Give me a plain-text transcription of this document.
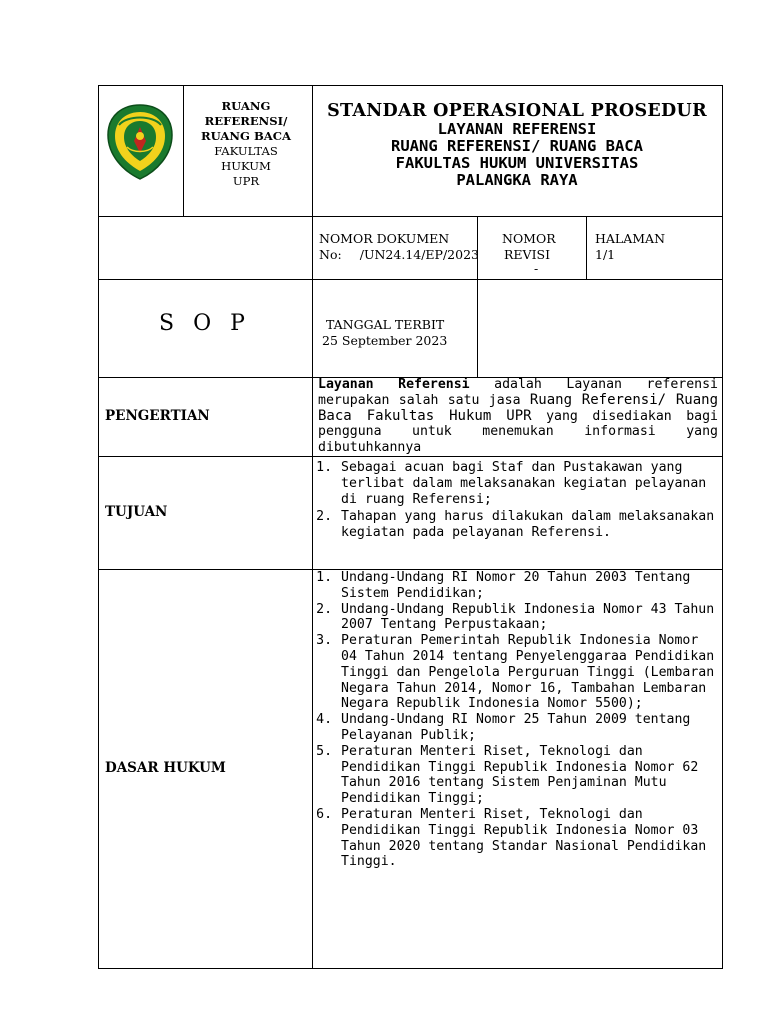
RUANG
REFERENSI/
RUANG BACA
FAKULTAS
HUKUM
UPR
STANDAR OPERASIONAL PROSEDUR
LAYANAN REFERENSI
RUANG REFERENSI/ RUANG BACA
FAKULTAS HUKUM UNIVERSITAS
PALANGKA RAYA
NOMOR DOKUMEN
No: /UN24.14/EP/2023
NOMOR
REVISI
-
HALAMAN
1/1
S O P	TANGGAL TERBIT
25 September 2023
PENGERTIAN
Layanan Referensi adalah Layanan referensi merupakan salah satu jasa Ruang Referensi/ Ruang Baca Fakultas Hukum UPR yang disediakan bagi pengguna untuk menemukan informasi yang dibutuhkannya
TUJUAN
1. Sebagai acuan bagi Staf dan Pustakawan yang terlibat dalam melaksanakan kegiatan pelayanan di ruang Referensi;
2. Tahapan yang harus dilakukan dalam melaksanakan kegiatan pada pelayanan Referensi.
DASAR HUKUM
1. Undang-Undang RI Nomor 20 Tahun 2003 Tentang Sistem Pendidikan;
2. Undang-Undang Republik Indonesia Nomor 43 Tahun 2007 Tentang Perpustakaan;
3. Peraturan Pemerintah Republik Indonesia Nomor 04 Tahun 2014 tentang Penyelenggaraa Pendidikan Tinggi dan Pengelola Perguruan Tinggi (Lembaran Negara Tahun 2014, Nomor 16, Tambahan Lembaran Negara Republik Indonesia Nomor 5500);
4. Undang-Undang RI Nomor 25 Tahun 2009 tentang Pelayanan Publik;
5. Peraturan Menteri Riset, Teknologi dan Pendidikan Tinggi Republik Indonesia Nomor 62 Tahun 2016 tentang Sistem Penjaminan Mutu Pendidikan Tinggi;
6. Peraturan Menteri Riset, Teknologi dan Pendidikan Tinggi Republik Indonesia Nomor 03 Tahun 2020 tentang Standar Nasional Pendidikan Tinggi.
